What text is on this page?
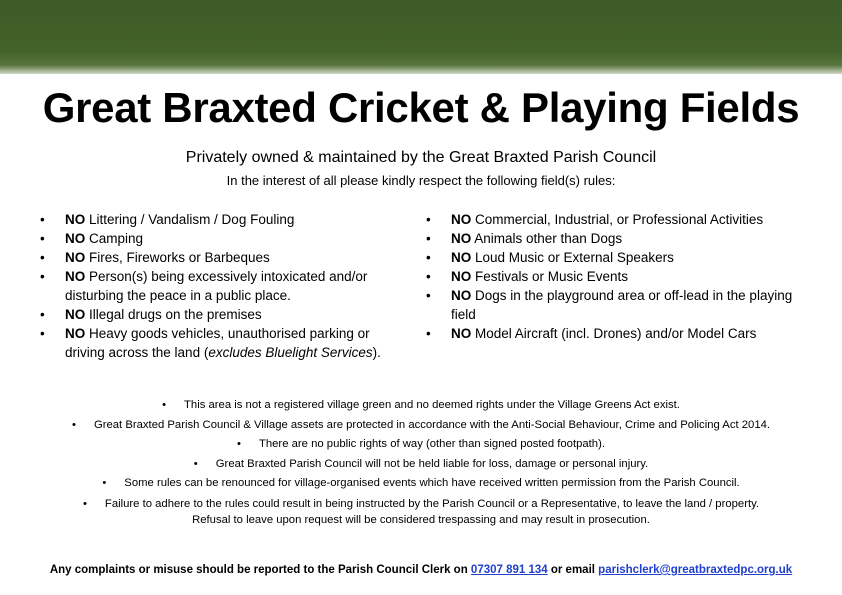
Great Braxted Cricket & Playing Fields
Privately owned & maintained by the Great Braxted Parish Council
In the interest of all please kindly respect the following field(s) rules:
• NO Littering / Vandalism / Dog Fouling
• NO Camping
• NO Fires, Fireworks or Barbeques
• NO Person(s) being excessively intoxicated and/or disturbing the peace in a public place.
• NO Illegal drugs on the premises
• NO Heavy goods vehicles, unauthorised parking or driving across the land (excludes Bluelight Services).
• NO Commercial, Industrial, or Professional Activities
• NO Animals other than Dogs
• NO Loud Music or External Speakers
• NO Festivals or Music Events
• NO Dogs in the playground area or off-lead in the playing field
• NO Model Aircraft (incl. Drones) and/or Model Cars
• This area is not a registered village green and no deemed rights under the Village Greens Act exist.
• Great Braxted Parish Council & Village assets are protected in accordance with the Anti-Social Behaviour, Crime and Policing Act 2014.
• There are no public rights of way (other than signed posted footpath).
• Great Braxted Parish Council will not be held liable for loss, damage or personal injury.
• Some rules can be renounced for village-organised events which have received written permission from the Parish Council.
• Failure to adhere to the rules could result in being instructed by the Parish Council or a Representative, to leave the land / property.
Refusal to leave upon request will be considered trespassing and may result in prosecution.
Any complaints or misuse should be reported to the Parish Council Clerk on 07307 891 134 or email parishclerk@greatbraxtedpc.org.uk
